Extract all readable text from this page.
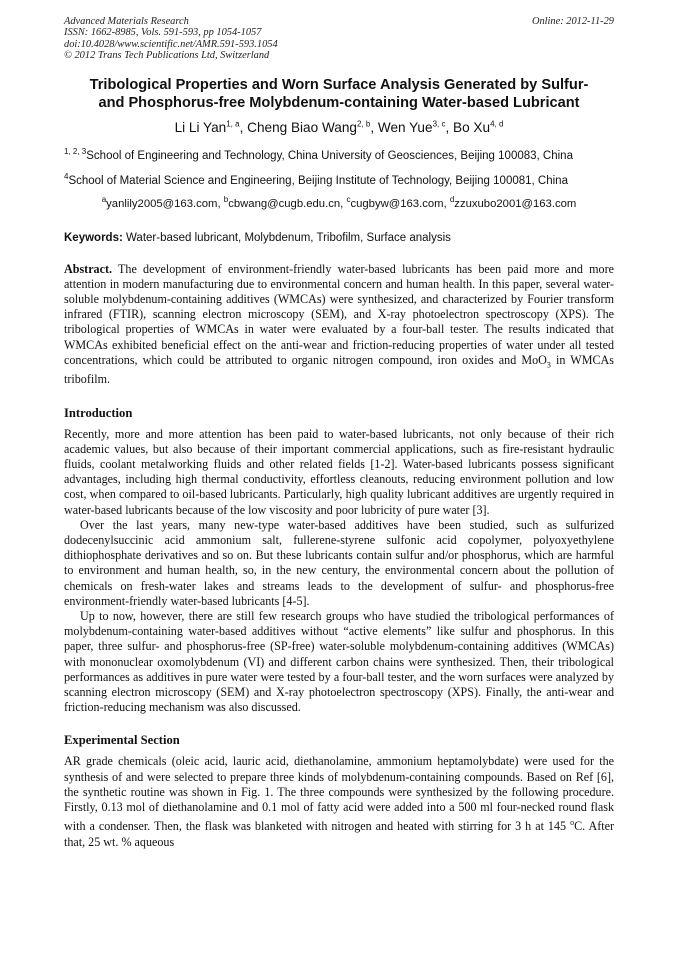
Advanced Materials Research
ISSN: 1662-8985, Vols. 591-593, pp 1054-1057
doi:10.4028/www.scientific.net/AMR.591-593.1054
© 2012 Trans Tech Publications Ltd, Switzerland
Online: 2012-11-29
Tribological Properties and Worn Surface Analysis Generated by Sulfur-
and Phosphorus-free Molybdenum-containing Water-based Lubricant
Li Li Yan$^{1, a}$, Cheng Biao Wang$^{2, b}$, Wen Yue$^{3, c}$, Bo Xu$^{4, d}$

$^{1, 2, 3}$School of Engineering and Technology, China University of Geosciences, Beijing 100083, China

$^4$School of Material Science and Engineering, Beijing Institute of Technology, Beijing 100081, China

$^a$yanlily2005@163.com, $^b$cbwang@cugb.edu.cn, $^c$cugbyw@163.com, $^d$zzuxubo2001@163.com
Keywords: Water-based lubricant, Molybdenum, Tribofilm, Surface analysis
Abstract. The development of environment-friendly water-based lubricants has been paid more and more attention in modern manufacturing due to environmental concern and human health. In this paper, several water-soluble molybdenum-containing additives (WMCAs) were synthesized, and characterized by Fourier transform infrared (FTIR), scanning electron microscopy (SEM), and X-ray photoelectron spectroscopy (XPS). The tribological properties of WMCAs in water were evaluated by a four-ball tester. The results indicated that WMCAs exhibited beneficial effect on the anti-wear and friction-reducing properties of water under all tested concentrations, which could be attributed to organic nitrogen compound, iron oxides and MoO$_3$ in WMCAs tribofilm.
Introduction

Recently, more and more attention has been paid to water-based lubricants, not only because of their rich academic values, but also because of their important commercial applications, such as fire-resistant hydraulic fluids, coolant metalworking fluids and other related fields [1-2]. Water-based lubricants possess significant advantages, including high thermal conductivity, effortless cleanouts, reducing environment pollution and low cost, when compared to oil-based lubricants. Particularly, high quality lubricant additives are urgently required in water-based lubricants because of the low viscosity and poor lubricity of pure water [3].

Over the last years, many new-type water-based additives have been studied, such as sulfurized dodecenylsuccinic acid ammonium salt, fullerene-styrene sulfonic acid copolymer, polyoxyethylene dithiophosphate derivatives and so on. But these lubricants contain sulfur and/or phosphorus, which are harmful to environment and human health, so, in the new century, the environmental concern about the pollution of chemicals on fresh-water lakes and streams leads to the development of sulfur- and phosphorus-free environment-friendly water-based lubricants [4-5].

Up to now, however, there are still few research groups who have studied the tribological performances of molybdenum-containing water-based additives without “active elements” like sulfur and phosphorus. In this paper, three sulfur- and phosphorus-free (SP-free) water-soluble molybdenum-containing additives (WMCAs) with mononuclear oxomolybdenum (VI) and different carbon chains were synthesized. Then, their tribological performances as additives in pure water were tested by a four-ball tester, and the worn surfaces were analyzed by scanning electron microscopy (SEM) and X-ray photoelectron spectroscopy (XPS). Finally, the anti-wear and friction-reducing mechanism was also discussed.

Experimental Section

AR grade chemicals (oleic acid, lauric acid, diethanolamine, ammonium heptamolybdate) were used for the synthesis of and were selected to prepare three kinds of molybdenum-containing compounds. Based on Ref [6], the synthetic routine was shown in Fig. 1. The three compounds were synthesized by the following procedure. Firstly, 0.13 mol of diethanolamine and 0.1 mol of fatty acid were added into a 500 ml four-necked round flask with a condenser. Then, the flask was blanketed with nitrogen and heated with stirring for 3 h at 145 $^o$C. After that, 25 wt. % aqueous
